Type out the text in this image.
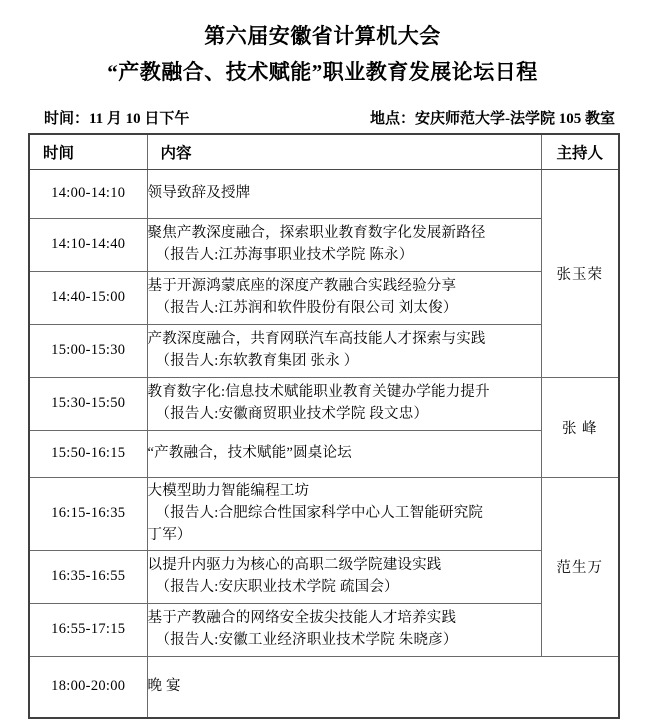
第六届安徽省计算机大会
“产教融合、技术赋能”职业教育发展论坛日程
时间：11 月 10 日下午	地点：安庆师范大学-法学院 105 教室
时间	内容	主持人
14:00-14:10	领导致辞及授牌	张玉荣
14:10-14:40	聚焦产教深度融合，探索职业教育数字化发展新路径
（报告人:江苏海事职业技术学院 陈永）	

14:40-15:00	基于开源鸿蒙底座的深度产教融合实践经验分享
（报告人:江苏润和软件股份有限公司 刘太俊）	

15:00-15:30	产教深度融合，共育网联汽车高技能人才探索与实践
（报告人:东软教育集团 张永 ）	

15:30-15:50	教育数字化:信息技术赋能职业教育关键办学能力提升
（报告人:安徽商贸职业技术学院 段文忠）	张 峰
15:50-16:15	“产教融合，技术赋能”圆桌论坛	

16:15-16:35	大模型助力智能编程工坊
（报告人:合肥综合性国家科学中心人工智能研究院
丁军）	范生万
16:35-16:55	以提升内驱力为核心的高职二级学院建设实践
（报告人:安庆职业技术学院 疏国会）	

16:55-17:15	基于产教融合的网络安全拔尖技能人才培养实践
（报告人:安徽工业经济职业技术学院 朱晓彦）	

18:00-20:00	晚 宴	
